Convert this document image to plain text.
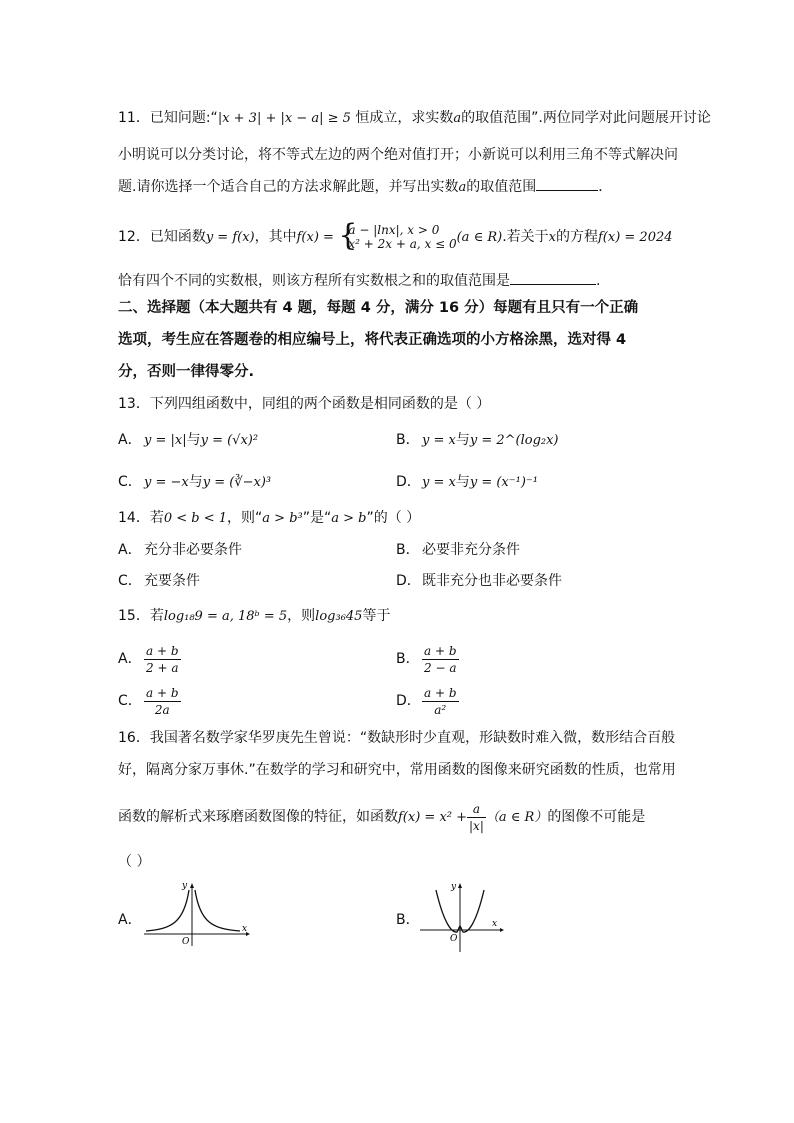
11．已知问题:“|x + 3| + |x − a| ≥ 5 恒成立，求实数a的取值范围”.两位同学对此问题展开讨论
小明说可以分类讨论，将不等式左边的两个绝对值打开；小新说可以利用三角不等式解决问
题.请你选择一个适合自己的方法求解此题，并写出实数a的取值范围	．
12．已知函数y = f(x)，其中f(x) = {
a − |lnx|, x > 0
x² + 2x + a, x ≤ 0 (a ∈ R).若关于x的方程f(x) = 2024
恰有四个不同的实数根，则该方程所有实数根之和的取值范围是	.
二、选择题（本大题共有 4 题，每题 4 分，满分 16 分）每题有且只有一个正确
选项，考生应在答题卷的相应编号上，将代表正确选项的小方格涂黑，选对得 4
分，否则一律得零分.
13．下列四组函数中，同组的两个函数是相同函数的是（ ）
A． y = |x|与y = (√x)²	B． y = x与y = 2^(log₂x)
C． y = −x与y = (∛−x)³	D．y = x与y = (x⁻¹)⁻¹
14．若0 < b < 1，则“a > b³”是“a > b”的（ ）
A． 充分非必要条件	B． 必要非充分条件
C． 充要条件	D．既非充分也非必要条件
15．若log₁₈9 = a, 18ᵇ = 5，则log₃₆45等于
A． $\frac{a + b}{2 + a}$	B． $\frac{a + b}{2 - a}$
C． $\frac{a + b}{2a}$	D． $\frac{a + b}{\text{a²}}$
16．我国著名数学家华罗庚先生曾说：“数缺形时少直观，形缺数时难入微，数形结合百般
好，隔离分家万事休.”在数学的学习和研究中，常用函数的图像来研究函数的性质，也常用
函数的解析式来琢磨函数图像的特征，如函数$f(x) = x^2 + \frac{a}{|x|} (a$ ∈ R）的图像不可能是
（ ）
A．
y
x
O
B．
y
x
O
